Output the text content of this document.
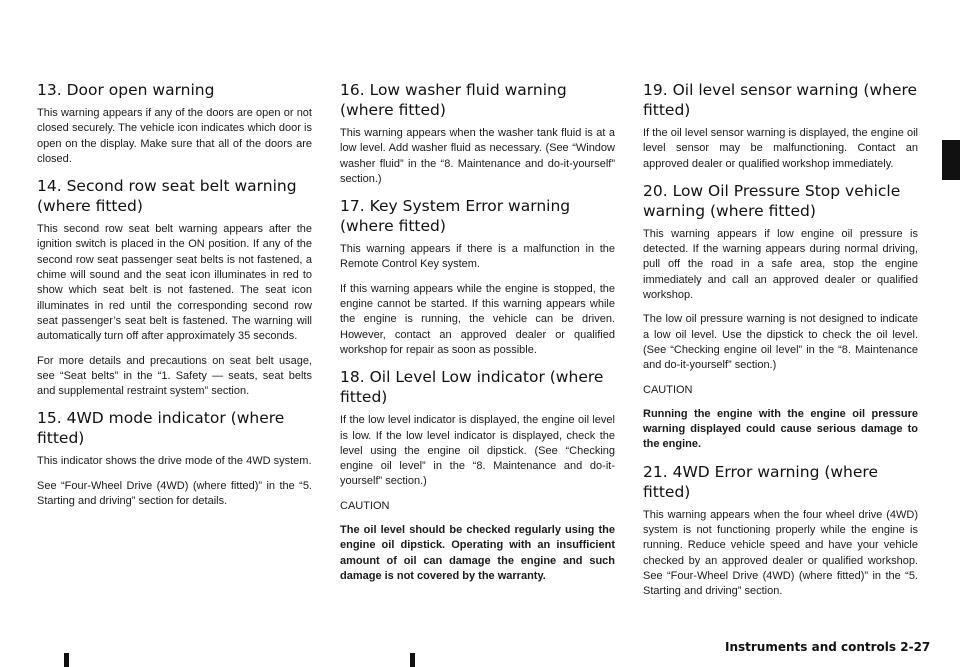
13. Door open warning

This warning appears if any of the doors are open or not closed securely. The vehicle icon indicates which door is open on the display. Make sure that all of the doors are closed.

14. Second row seat belt warning (where fitted)

This second row seat belt warning appears after the ignition switch is placed in the ON position. If any of the second row seat passenger seat belts is not fastened, a chime will sound and the seat icon illuminates in red to show which seat belt is not fastened. The seat icon illuminates in red until the corresponding second row seat passenger’s seat belt is fastened. The warning will automatically turn off after approximately 35 seconds.

For more details and precautions on seat belt usage, see “Seat belts” in the “1. Safety — seats, seat belts and supplemental restraint system” section.

15. 4WD mode indicator (where fitted)

This indicator shows the drive mode of the 4WD system.

See “Four-Wheel Drive (4WD) (where fitted)” in the “5. Starting and driving” section for details.

16. Low washer fluid warning (where fitted)

This warning appears when the washer tank fluid is at a low level. Add washer fluid as necessary. (See “Window washer fluid” in the “8. Maintenance and do-it-yourself” section.)

17. Key System Error warning (where fitted)

This warning appears if there is a malfunction in the Remote Control Key system.

If this warning appears while the engine is stopped, the engine cannot be started. If this warning appears while the engine is running, the vehicle can be driven. However, contact an approved dealer or qualified workshop for repair as soon as possible.

18. Oil Level Low indicator (where fitted)

If the low level indicator is displayed, the engine oil level is low. If the low level indicator is displayed, check the level using the engine oil dipstick. (See “Checking engine oil level” in the “8. Maintenance and do-it-yourself” section.)

CAUTION

The oil level should be checked regularly using the engine oil dipstick. Operating with an insufficient amount of oil can damage the engine and such damage is not covered by the warranty.

19. Oil level sensor warning (where fitted)

If the oil level sensor warning is displayed, the engine oil level sensor may be malfunctioning. Contact an approved dealer or qualified workshop immediately.

20. Low Oil Pressure Stop vehicle warning (where fitted)

This warning appears if low engine oil pressure is detected. If the warning appears during normal driving, pull off the road in a safe area, stop the engine immediately and call an approved dealer or qualified workshop.

The low oil pressure warning is not designed to indicate a low oil level. Use the dipstick to check the oil level. (See “Checking engine oil level” in the “8. Maintenance and do-it-yourself” section.)

CAUTION

Running the engine with the engine oil pressure warning displayed could cause serious damage to the engine.

21. 4WD Error warning (where fitted)

This warning appears when the four wheel drive (4WD) system is not functioning properly while the engine is running. Reduce vehicle speed and have your vehicle checked by an approved dealer or qualified workshop. See “Four-Wheel Drive (4WD) (where fitted)” in the “5. Starting and driving” section.

Instruments and controls 2-27
